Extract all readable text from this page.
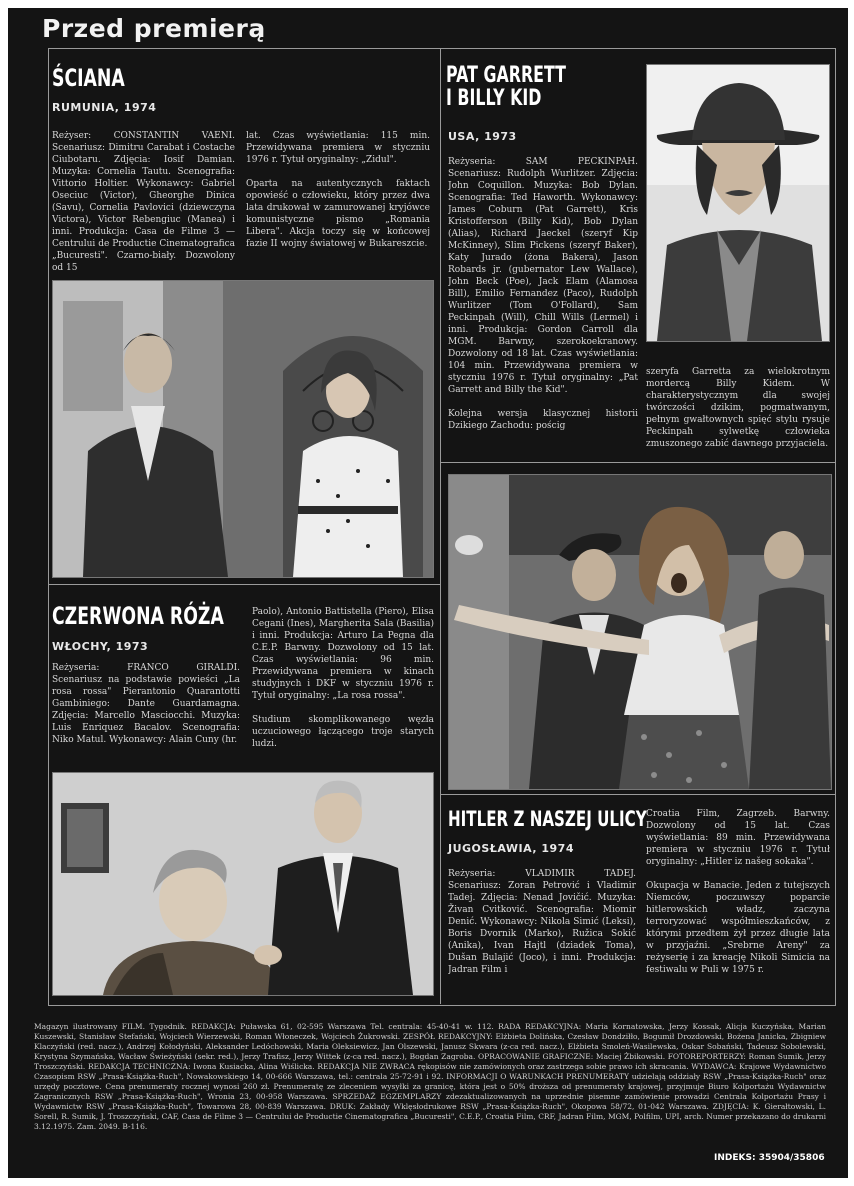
Przed premierą
ŚCIANA
RUMUNIA, 1974
Reżyser: CONSTANTIN VAENI. Scenariusz: Dimitru Carabat i Costache Ciubotaru. Zdjęcia: Iosif Damian. Muzyka: Cornelia Tautu. Scenografia: Vittorio Holtier. Wykonawcy: Gabriel Oseciuc (Victor), Gheorghe Dinica (Savu), Cornelia Pavlovici (dziewczyna Victora), Victor Rebengiuc (Manea) i inni. Produkcja: Casa de Filme 3 — Centrului de Productie Cinematografica „Bucuresti". Czarno-biały. Dozwolony od 15
lat. Czas wyświetlania: 115 min. Przewidywana premiera w styczniu 1976 r. Tytuł oryginalny: „Zidul".

Oparta na autentycznych faktach opowieść o człowieku, który przez dwa lata drukował w zamurowanej kryjówce komunistyczne pismo „Romania Libera". Akcja toczy się w końcowej fazie II wojny światowej w Bukareszcie.
CZERWONA RÓŻA
WŁOCHY, 1973
Reżyseria: FRANCO GIRALDI. Scenariusz na podstawie powieści „La rosa rossa" Pierantonio Quarantotti Gambiniego: Dante Guardamagna. Zdjęcia: Marcello Masciocchi. Muzyka: Luis Enriquez Bacalov. Scenografia: Niko Matul. Wykonawcy: Alain Cuny (hr.
Paolo), Antonio Battistella (Piero), Elisa Cegani (Ines), Margherita Sala (Basilia) i inni. Produkcja: Arturo La Pegna dla C.E.P. Barwny. Dozwolony od 15 lat. Czas wyświetlania: 96 min. Przewidywana premiera w kinach studyjnych i DKF w styczniu 1976 r. Tytuł oryginalny: „La rosa rossa".

Studium skomplikowanego węzła uczuciowego łączącego troje starych ludzi.
PAT GARRETT
I BILLY KID
USA, 1973
Reżyseria: SAM PECKINPAH. Scenariusz: Rudolph Wurlitzer. Zdjęcia: John Coquillon. Muzyka: Bob Dylan. Scenografia: Ted Haworth. Wykonawcy: James Coburn (Pat Garrett), Kris Kristofferson (Billy Kid), Bob Dylan (Alias), Richard Jaeckel (szeryf Kip McKinney), Slim Pickens (szeryf Baker), Katy Jurado (żona Bakera), Jason Robards jr. (gubernator Lew Wallace), John Beck (Poe), Jack Elam (Alamosa Bill), Emilio Fernandez (Paco), Rudolph Wurlitzer (Tom O'Follard), Sam Peckinpah (Will), Chill Wills (Lermel) i inni. Produkcja: Gordon Carroll dla MGM. Barwny, szerokoekranowy. Dozwolony od 18 lat. Czas wyświetlania: 104 min. Przewidywana premiera w styczniu 1976 r. Tytuł oryginalny: „Pat Garrett and Billy the Kid".

Kolejna wersja klasycznej historii Dzikiego Zachodu: pościg
szeryfa Garretta za wielokrotnym mordercą Billy Kidem. W charakterystycznym dla swojej twórczości dzikim, pogmatwanym, pełnym gwałtownych spięć stylu rysuje Peckinpah sylwetkę człowieka zmuszonego zabić dawnego przyjaciela.
HITLER Z NASZEJ ULICY
JUGOSŁAWIA, 1974
Reżyseria: VLADIMIR TADEJ. Scenariusz: Zoran Petrović i Vladimir Tadej. Zdjęcia: Nenad Jovičić. Muzyka: Živan Cvitković. Scenografia: Miomir Denić. Wykonawcy: Nikola Simić (Leksi), Boris Dvornik (Marko), Ružica Sokić (Anika), Ivan Hajtl (dziadek Toma), Dušan Bulajić (Joco), i inni. Produkcja: Jadran Film i
Croatia Film, Zagrzeb. Barwny. Dozwolony od 15 lat. Czas wyświetlania: 89 min. Przewidywana premiera w styczniu 1976 r. Tytuł oryginalny: „Hitler iz našeg sokaka".

Okupacja w Banacie. Jeden z tutejszych Niemców, poczuwszy poparcie hitlerowskich władz, zaczyna terroryzować współmieszkańców, z którymi przedtem żył przez długie lata w przyjaźni. „Srebrne Areny" za reżyserię i za kreację Nikoli Simicia na festiwalu w Puli w 1975 r.
Magazyn ilustrowany FILM. Tygodnik. REDAKCJA: Puławska 61, 02-595 Warszawa Tel. centrala: 45-40-41 w. 112. RADA REDAKCYJNA: Maria Kornatowska, Jerzy Kossak, Alicja Kuczyńska, Marian Kuszewski, Stanisław Stefański, Wojciech Wierzewski, Roman Włoneczek, Wojciech Żukrowski. ZESPÓŁ REDAKCYJNY: Elżbieta Dolińska, Czesław Dondziłło, Bogumił Drozdowski, Bożena Janicka, Zbigniew Klaczyński (red. nacz.), Andrzej Kołodyński, Aleksander Ledóchowski, Maria Oleksiewicz, Jan Olszewski, Janusz Skwara (z-ca red. nacz.), Elżbieta Smoleń-Wasilewska, Oskar Sobański, Tadeusz Sobolewski, Krystyna Szymańska, Wacław Świeżyński (sekr. red.), Jerzy Trafisz, Jerzy Wittek (z-ca red. nacz.), Bogdan Zagroba. OPRACOWANIE GRAFICZNE: Maciej Żbikowski. FOTOREPORTERZY: Roman Sumik, Jerzy Troszczyński. REDAKCJA TECHNICZNA: Iwona Kusiacka, Alina Wiślicka. REDAKCJA NIE ZWRACA rękopisów nie zamówionych oraz zastrzega sobie prawo ich skracania. WYDAWCA: Krajowe Wydawnictwo Czasopism RSW „Prasa-Książka-Ruch", Nowakowskiego 14, 00-666 Warszawa, tel.: centrala 25-72-91 i 92. INFORMACJI O WARUNKACH PRENUMERATY udzielają oddziały RSW „Prasa-Książka-Ruch" oraz urzędy pocztowe. Cena prenumeraty rocznej wynosi 260 zł. Prenumeratę ze zleceniem wysyłki za granicę, która jest o 50% droższa od prenumeraty krajowej, przyjmuje Biuro Kolportażu Wydawnictw Zagranicznych RSW „Prasa-Książka-Ruch", Wronia 23, 00-958 Warszawa. SPRZEDAŻ EGZEMPLARZY zdezaktualizowanych na uprzednie pisemne zamówienie prowadzi Centrala Kolportażu Prasy i Wydawnictw RSW „Prasa-Książka-Ruch", Towarowa 28, 00-839 Warszawa. DRUK: Zakłady Wklęsłodrukowe RSW „Prasa-Książka-Ruch", Okopowa 58/72, 01-042 Warszawa. ZDJĘCIA: K. Gierałtowski, L. Sorell, R. Sumik, J. Troszczyński, CAF, Casa de Filme 3 — Centrului de Productie Cinematografica „Bucuresti", C.E.P., Croatia Film, CRF, Jadran Film, MGM, Polfilm, UPI, arch. Numer przekazano do drukarni 3.12.1975. Zam. 2049. B-116.
INDEKS: 35904/35806
